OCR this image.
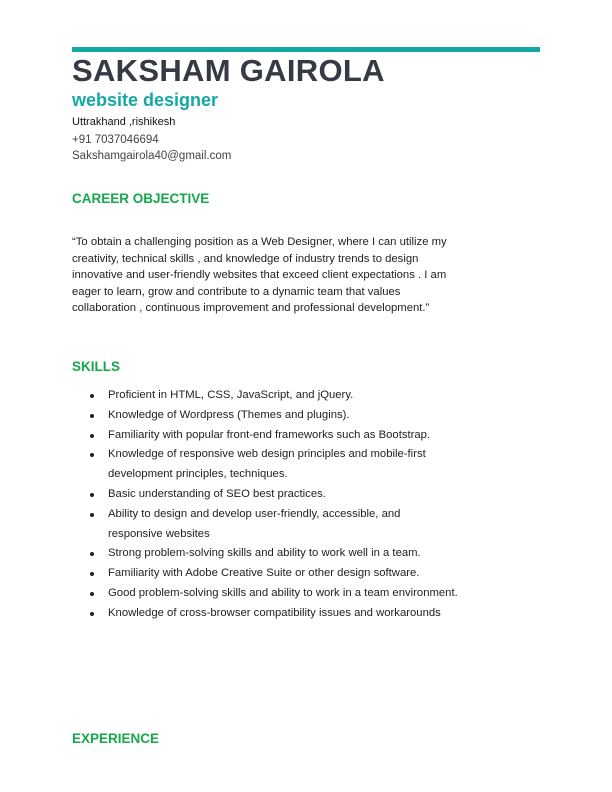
SAKSHAM GAIROLA
website designer
Uttrakhand ,rishikesh
+91 7037046694
Sakshamgairola40@gmail.com
CAREER OBJECTIVE
“To obtain a challenging position as a Web Designer, where I can utilize my creativity, technical skills , and knowledge of industry trends to design innovative and user-friendly websites that exceed client expectations . I am eager to learn, grow and contribute to a dynamic team that values collaboration , continuous improvement and professional development.”
SKILLS
Proficient in HTML, CSS, JavaScript, and jQuery.
Knowledge of Wordpress (Themes and plugins).
Familiarity with popular front-end frameworks such as Bootstrap.
Knowledge of responsive web design principles and mobile-first development principles, techniques.
Basic understanding of SEO best practices.
Ability to design and develop user-friendly, accessible, and responsive websites
Strong problem-solving skills and ability to work well in a team.
Familiarity with Adobe Creative Suite or other design software.
Good problem-solving skills and ability to work in a team environment.
Knowledge of cross-browser compatibility issues and workarounds
EXPERIENCE
